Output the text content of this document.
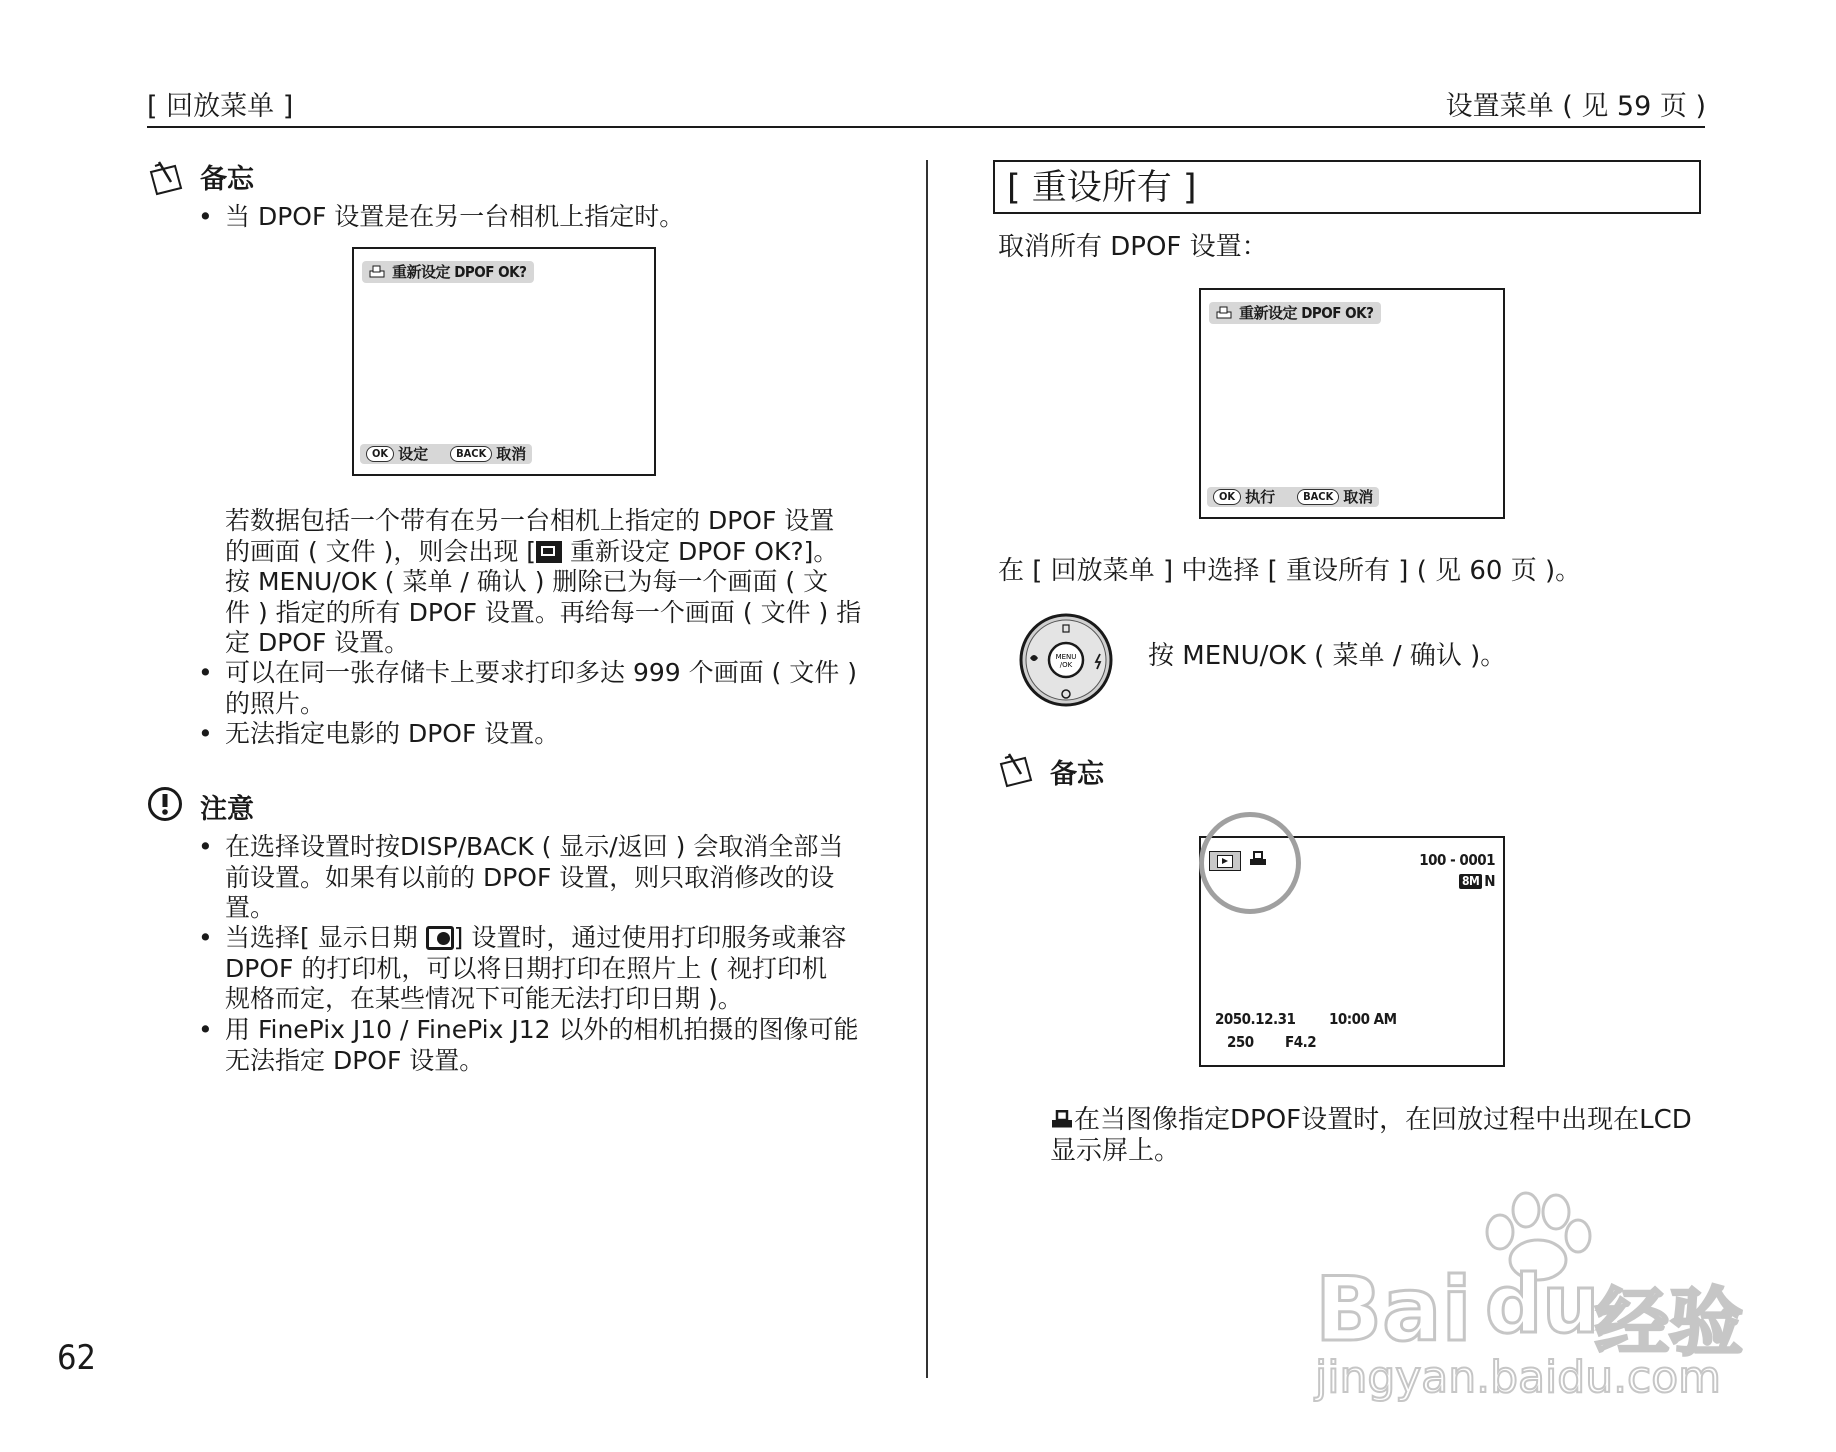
[ 回放菜单 ]	设置菜单 ( 见 59 页 )
备忘
• 当 DPOF 设置是在另一台相机上指定时。
重新设定 DPOF OK?
OK 设定	BACK 取消
若数据包括一个带有在另一台相机上指定的 DPOF 设置
的画面 ( 文件 )，则会出现 [
重新设定 DPOF OK?]。
按 MENU/OK ( 菜单 / 确认 ) 删除已为每一个画面 ( 文
件 ) 指定的所有 DPOF 设置。再给每一个画面 ( 文件 ) 指
定 DPOF 设置。
• 可以在同一张存储卡上要求打印多达 999 个画面 ( 文件 )
的照片。
• 无法指定电影的 DPOF 设置。
注意
• 在选择设置时按DISP/BACK ( 显示/返回 ) 会取消全部当
前设置。如果有以前的 DPOF 设置，则只取消修改的设
置。
• 当选择[ 显示日期
] 设置时，通过使用打印服务或兼容
DPOF 的打印机，可以将日期打印在照片上 ( 视打印机
规格而定，在某些情况下可能无法打印日期 )。
• 用 FinePix J10 / FinePix J12 以外的相机拍摄的图像可能
无法指定 DPOF 设置。
62
[ 重设所有 ]
取消所有 DPOF 设置：
重新设定 DPOF OK?
OK 执行	BACK 取消
在 [ 回放菜单 ] 中选择 [ 重设所有 ] ( 见 60 页 )。
MENU
/OK	按 MENU/OK ( 菜单 / 确认 )。
备忘
100 - 0001
8M N
2050.12.31 10:00 AM
250 F4.2
在当图像指定DPOF设置时，在回放过程中出现在LCD
显示屏上。
Bai du
经验
jingyan.baidu.com
